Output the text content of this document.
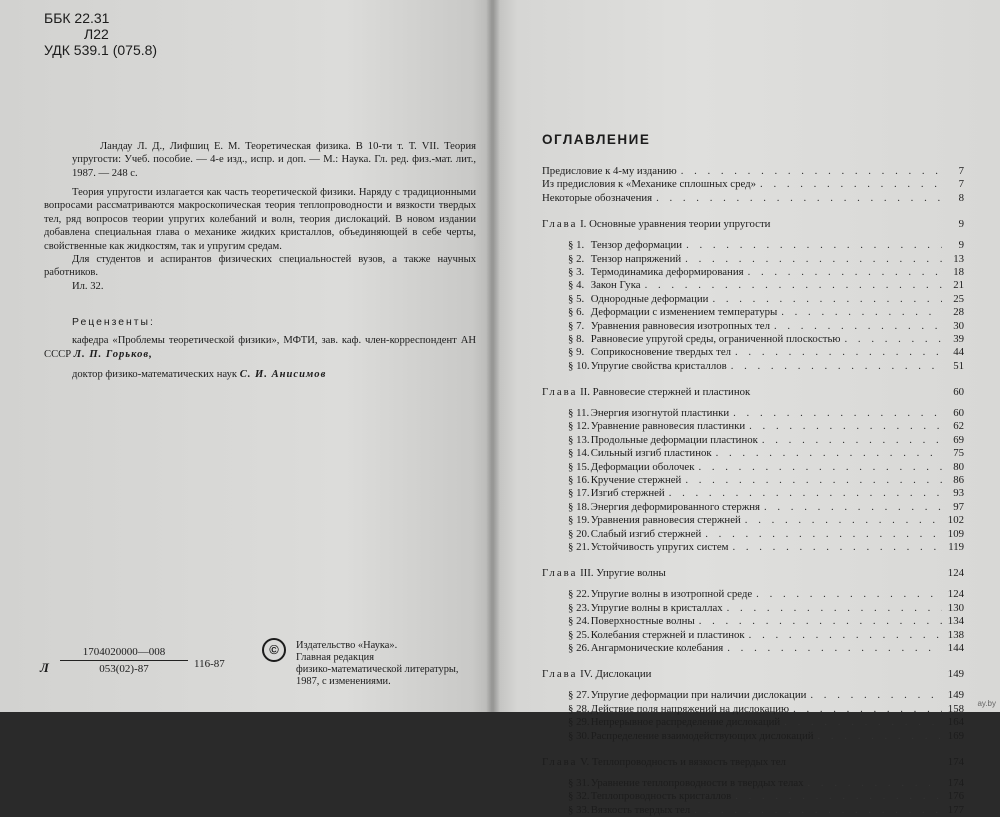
ББК 22.31
Л22
УДК 539.1 (075.8)

Ландау Л. Д., Лифшиц Е. М. Теоретическая физика. В 10-ти т. Т. VII. Теория упругости: Учеб. пособие. — 4-е изд., испр. и доп. — М.: Наука. Гл. ред. физ.-мат. лит., 1987. — 248 с.

Теория упругости излагается как часть теоретической физики. Наряду с традиционными вопросами рассматриваются макроскопическая теория теплопроводности и вязкости твердых тел, ряд вопросов теории упругих колебаний и волн, теория дислокаций. В новом издании добавлена специальная глава о механике жидких кристаллов, объединяющей в себе черты, свойственные как жидкостям, так и упругим средам.

Для студентов и аспирантов физических специальностей вузов, а также научных работников.

Ил. 32.

Рецензенты:

кафедра «Проблемы теоретической физики», МФТИ, зав. каф. член-корреспондент АН СССР Л. П. Горьков,

доктор физико-математических наук С. И. Анисимов

Л $\frac{1704020000—008}{053(02)-87} 116-87$
©	Издательство «Наука».

Главная редакция

физико-математической литературы,

1987, с изменениями.

ОГЛАВЛЕНИЕ
Предисловие к 4-му изданию . . .	7
Из предисловия к «Механике сплошных сред» . . .	7
Некоторые обозначения . . .	8
Глава I. Основные уравнения теории упругости	9
§ 1. Тензор деформации . . .	9
§ 2. Тензор напряжений . . .	13
§ 3. Термодинамика деформирования . . .	18
§ 4. Закон Гука . . .	21
§ 5. Однородные деформации . . .	25
§ 6. Деформации с изменением температуры . . .	28
§ 7. Уравнения равновесия изотропных тел . . .	30
§ 8. Равновесие упругой среды, ограниченной плоскостью . . .	39
§ 9. Соприкосновение твердых тел . . .	44
§ 10. Упругие свойства кристаллов . . .	51
Глава II. Равновесие стержней и пластинок	60
§ 11. Энергия изогнутой пластинки . . .	60
§ 12. Уравнение равновесия пластинки . . .	62
§ 13. Продольные деформации пластинок . . .	69
§ 14. Сильный изгиб пластинок . . .	75
§ 15. Деформации оболочек . . .	80
§ 16. Кручение стержней . . .	86
§ 17. Изгиб стержней . . .	93
§ 18. Энергия деформированного стержня . . .	97
§ 19. Уравнения равновесия стержней . . .	102
§ 20. Слабый изгиб стержней . . .	109
§ 21. Устойчивость упругих систем . . .	119
Глава III. Упругие волны	124
§ 22. Упругие волны в изотропной среде . . .	124
§ 23. Упругие волны в кристаллах . . .	130
§ 24. Поверхностные волны . . .	134
§ 25. Колебания стержней и пластинок . . .	138
§ 26. Ангармонические колебания . . .	144
Глава IV. Дислокации	149
§ 27. Упругие деформации при наличии дислокации . . .	149
§ 28. Действие поля напряжений на дислокацию . . .	158
§ 29. Непрерывное распределение дислокаций . . .	164
§ 30. Распределение взаимодействующих дислокаций . . .	169
Глава V. Теплопроводность и вязкость твердых тел	174
§ 31. Уравнение теплопроводности в твердых телах . . .	174
§ 32. Теплопроводность кристаллов . . .	176
§ 33. Вязкость твердых тел . . .	177
ay.by
